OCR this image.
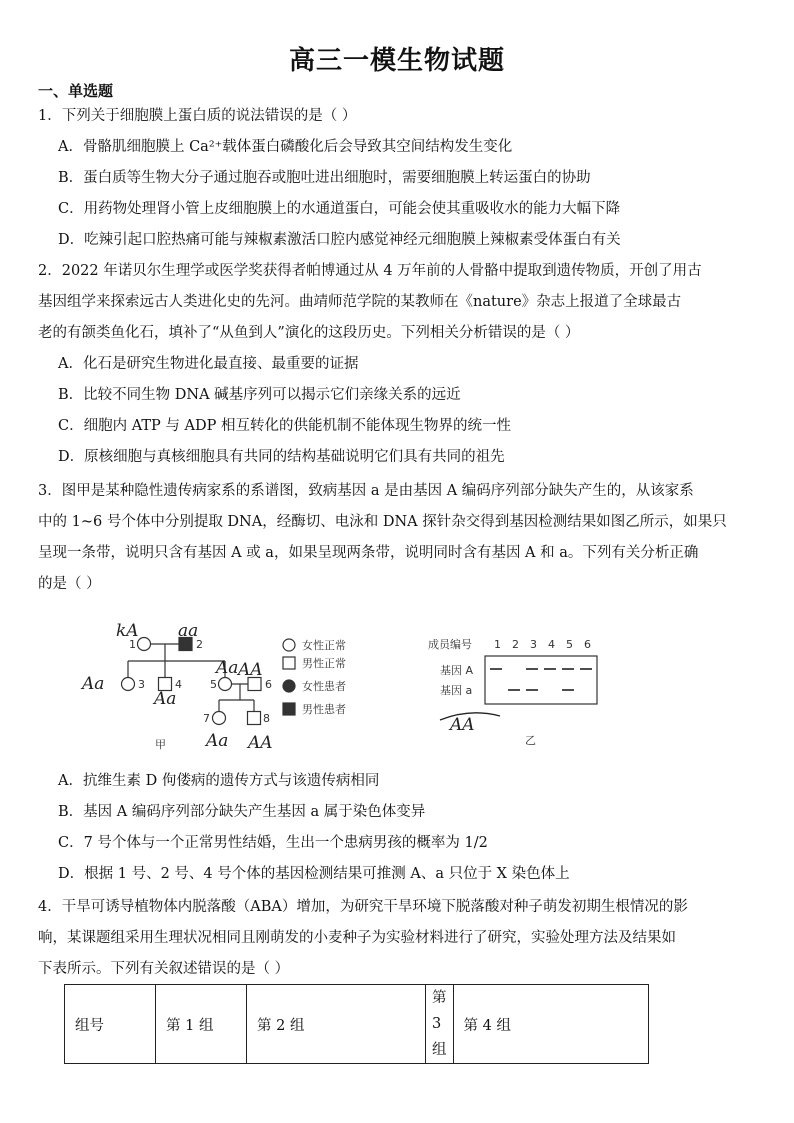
高三一模生物试题
一、单选题
1．下列关于细胞膜上蛋白质的说法错误的是（ ）
A．骨骼肌细胞膜上 Ca²⁺载体蛋白磷酸化后会导致其空间结构发生变化
B．蛋白质等生物大分子通过胞吞或胞吐进出细胞时，需要细胞膜上转运蛋白的协助
C．用药物处理肾小管上皮细胞膜上的水通道蛋白，可能会使其重吸收水的能力大幅下降
D．吃辣引起口腔热痛可能与辣椒素激活口腔内感觉神经元细胞膜上辣椒素受体蛋白有关
2．2022 年诺贝尔生理学或医学奖获得者帕博通过从 4 万年前的人骨骼中提取到遗传物质，开创了用古
基因组学来探索远古人类进化史的先河。曲靖师范学院的某教师在《nature》杂志上报道了全球最古
老的有颌类鱼化石，填补了“从鱼到人”演化的这段历史。下列相关分析错误的是（ ）
A．化石是研究生物进化最直接、最重要的证据
B．比较不同生物 DNA 碱基序列可以揭示它们亲缘关系的远近
C．细胞内 ATP 与 ADP 相互转化的供能机制不能体现生物界的统一性
D．原核细胞与真核细胞具有共同的结构基础说明它们具有共同的祖先
3．图甲是某种隐性遗传病家系的系谱图，致病基因 a 是由基因 A 编码序列部分缺失产生的，从该家系
中的 1~6 号个体中分别提取 DNA，经酶切、电泳和 DNA 探针杂交得到基因检测结果如图乙所示，如果只
呈现一条带，说明只含有基因 A 或 a，如果呈现两条带，说明同时含有基因 A 和 a。下列有关分析正确
的是（ ）
1	2
3	4	5	6
7	8
甲
女性正常
男性正常
女性患者
男性患者
kA aa
Aa
Aa
AA
Aa
Aa AA
AA
成员编号 1 2 3 4 5 6
基因 A
基因 a
乙
A．抗维生素 D 佝偻病的遗传方式与该遗传病相同
B．基因 A 编码序列部分缺失产生基因 a 属于染色体变异
C．7 号个体与一个正常男性结婚，生出一个患病男孩的概率为 1/2
D．根据 1 号、2 号、4 号个体的基因检测结果可推测 A、a 只位于 X 染色体上
4．干旱可诱导植物体内脱落酸（ABA）增加，为研究干旱环境下脱落酸对种子萌发初期生根情况的影
响，某课题组采用生理状况相同且刚萌发的小麦种子为实验材料进行了研究，实验处理方法及结果如
下表所示。下列有关叙述错误的是（ ）
组号	第 1 组	第 2 组	第3组	第 4 组
